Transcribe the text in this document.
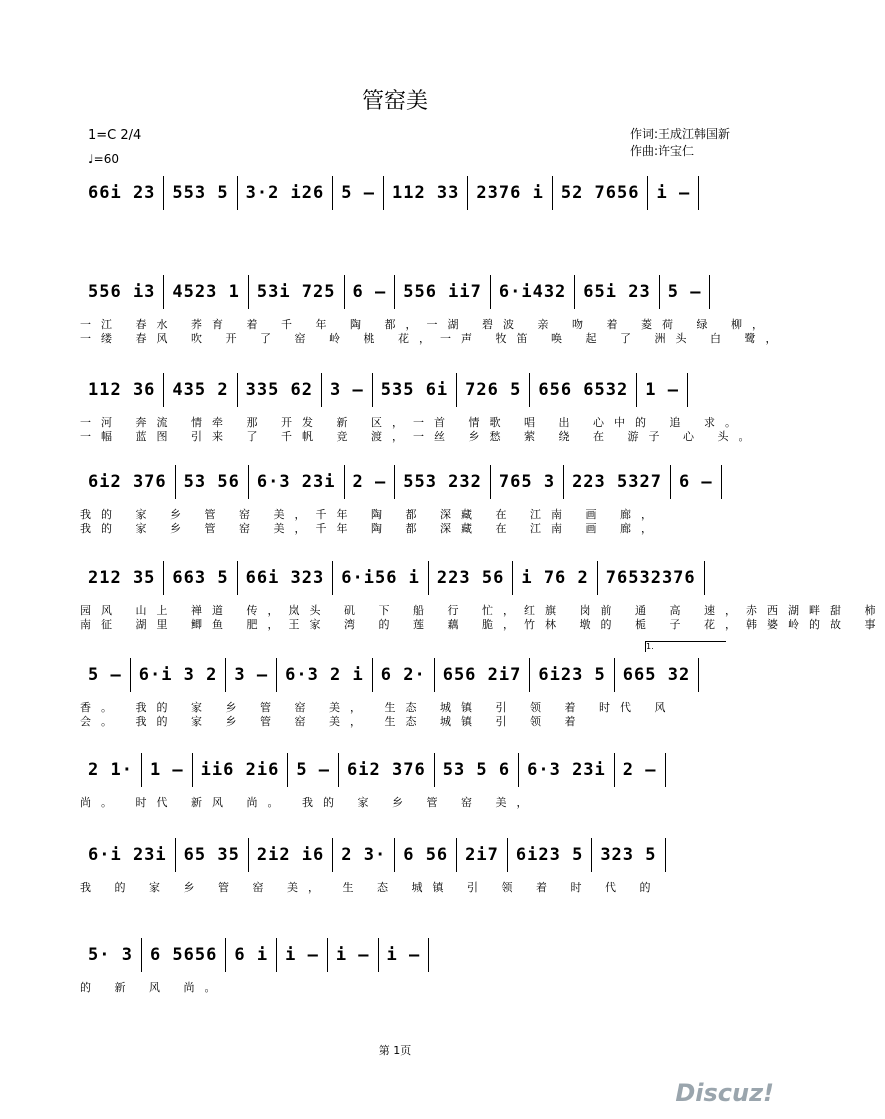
管窑美
1=C 2/4
♩=60
作词:王成江韩国新
作曲:许宝仁
66i 23	553 5	3·2 i26	5 –	112 33	2376 i	52 7656	i –
556 i3	4523 1	53i 725	6 –	556 ii7	6·i432	65i 23	5 –
一江 春水 荞育 着 千 年 陶 都，一湖 碧波 亲 吻 着 菱荷 绿 柳，
一缕 春风 吹 开 了 窑 岭 桃 花，一声 牧笛 唤 起 了 洲头 白 鹭，
112 36	435 2	335 62	3 –	535 6i	726 5	656 6532	1 –
一河 奔流 情牵 那 开发 新 区，一首 情歌 唱 出 心中的 追 求。
一幅 蓝图 引来 了 千帆 竞 渡，一丝 乡愁 萦 绕 在 游子 心 头。
6i2 376	53 56	6·3 23i	2 –	553 232	765 3	223 5327	6 –
我的 家 乡 管 窑 美，千年 陶 都 深藏 在 江南 画 廊，
我的 家 乡 管 窑 美，千年 陶 都 深藏 在 江南 画 廊，
212 35	663 5	66i 323	6·i56 i	223 56	i 76 2	76532376
园风 山上 禅道 传，岚头 矶 下 船 行 忙，红旗 岗前 通 高 速，赤西湖畔甜 柿
南征 湖里 鲫鱼 肥，王家 湾 的 莲 藕 脆，竹林 墩的 栀 子 花，韩婆岭的故 事
5 –	6·i 3 2	3 –	6·3 2 i	6 2·	656 2i7	6i23 5	665 32
香。 我的 家 乡 管 窑 美， 生态 城镇 引 领 着 时代 风
会。 我的 家 乡 管 窑 美， 生态 城镇 引 领 着
2 1·	1 –	ii6 2i6	5 –	6i2 376	53 5 6	6·3 23i	2 –
尚。 时代 新风 尚。 我的 家 乡 管 窑 美，
6·i 23i	65 35	2i2 i6	2 3·	6 56	2i7	6i23 5	323 5
我 的 家 乡 管 窑 美， 生 态 城镇 引 领 着 时 代 的
5· 3	6 5656	6 i	i –	i –	i –
的 新 风 尚。
1.
第 1页
Discuz!
